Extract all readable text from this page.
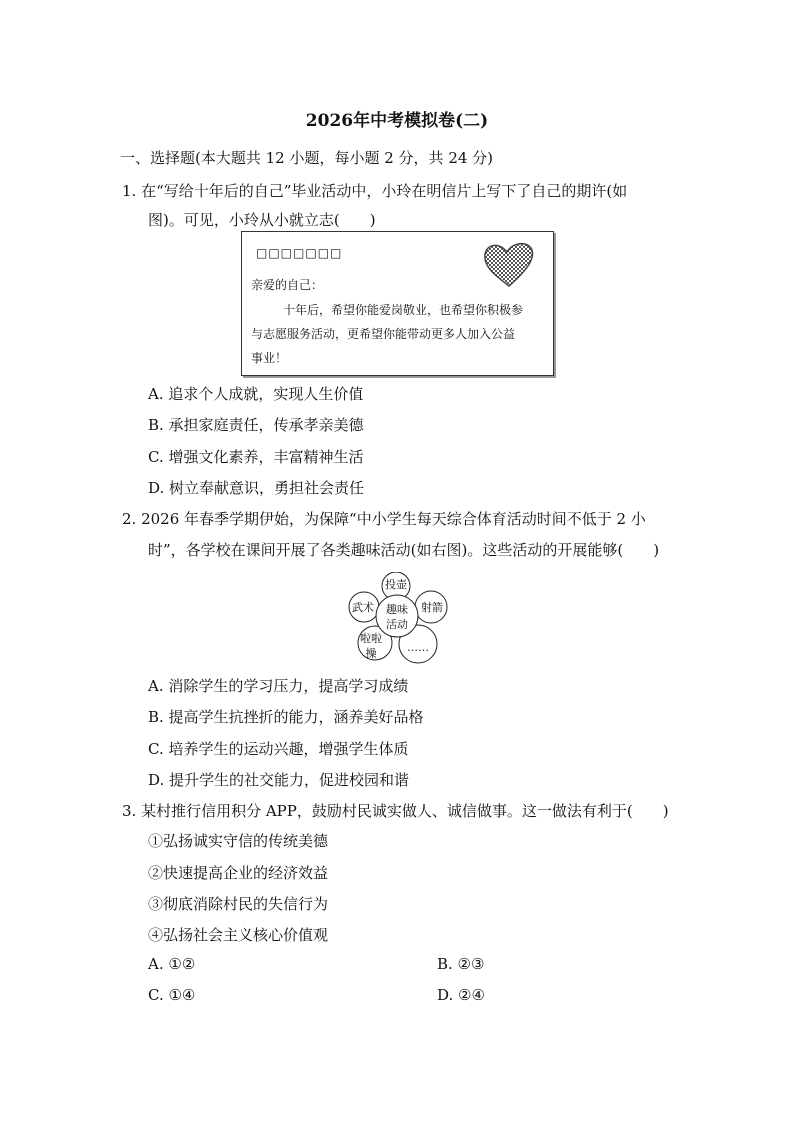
2026年中考模拟卷(二)
一、选择题(本大题共 12 小题，每小题 2 分，共 24 分)
1. 在“写给十年后的自己”毕业活动中，小玲在明信片上写下了自己的期许(如
图)。可见，小玲从小就立志(　　)
□□□□□□□
亲爱的自己：
十年后，希望你能爱岗敬业，也希望你积极参
与志愿服务活动，更希望你能带动更多人加入公益
事业！
A. 追求个人成就，实现人生价值
B. 承担家庭责任，传承孝亲美德
C. 增强文化素养，丰富精神生活
D. 树立奉献意识，勇担社会责任
2. 2026 年春季学期伊始，为保障“中小学生每天综合体育活动时间不低于 2 小
时”，各学校在课间开展了各类趣味活动(如右图)。这些活动的开展能够(　　)
投壶
武术	射箭
趣味
活动
啦啦
操	……
A. 消除学生的学习压力，提高学习成绩
B. 提高学生抗挫折的能力，涵养美好品格
C. 培养学生的运动兴趣，增强学生体质
D. 提升学生的社交能力，促进校园和谐
3. 某村推行信用积分 APP，鼓励村民诚实做人、诚信做事。这一做法有利于(　　)
①弘扬诚实守信的传统美德
②快速提高企业的经济效益
③彻底消除村民的失信行为
④弘扬社会主义核心价值观
A. ①②	B. ②③
C. ①④	D. ②④
